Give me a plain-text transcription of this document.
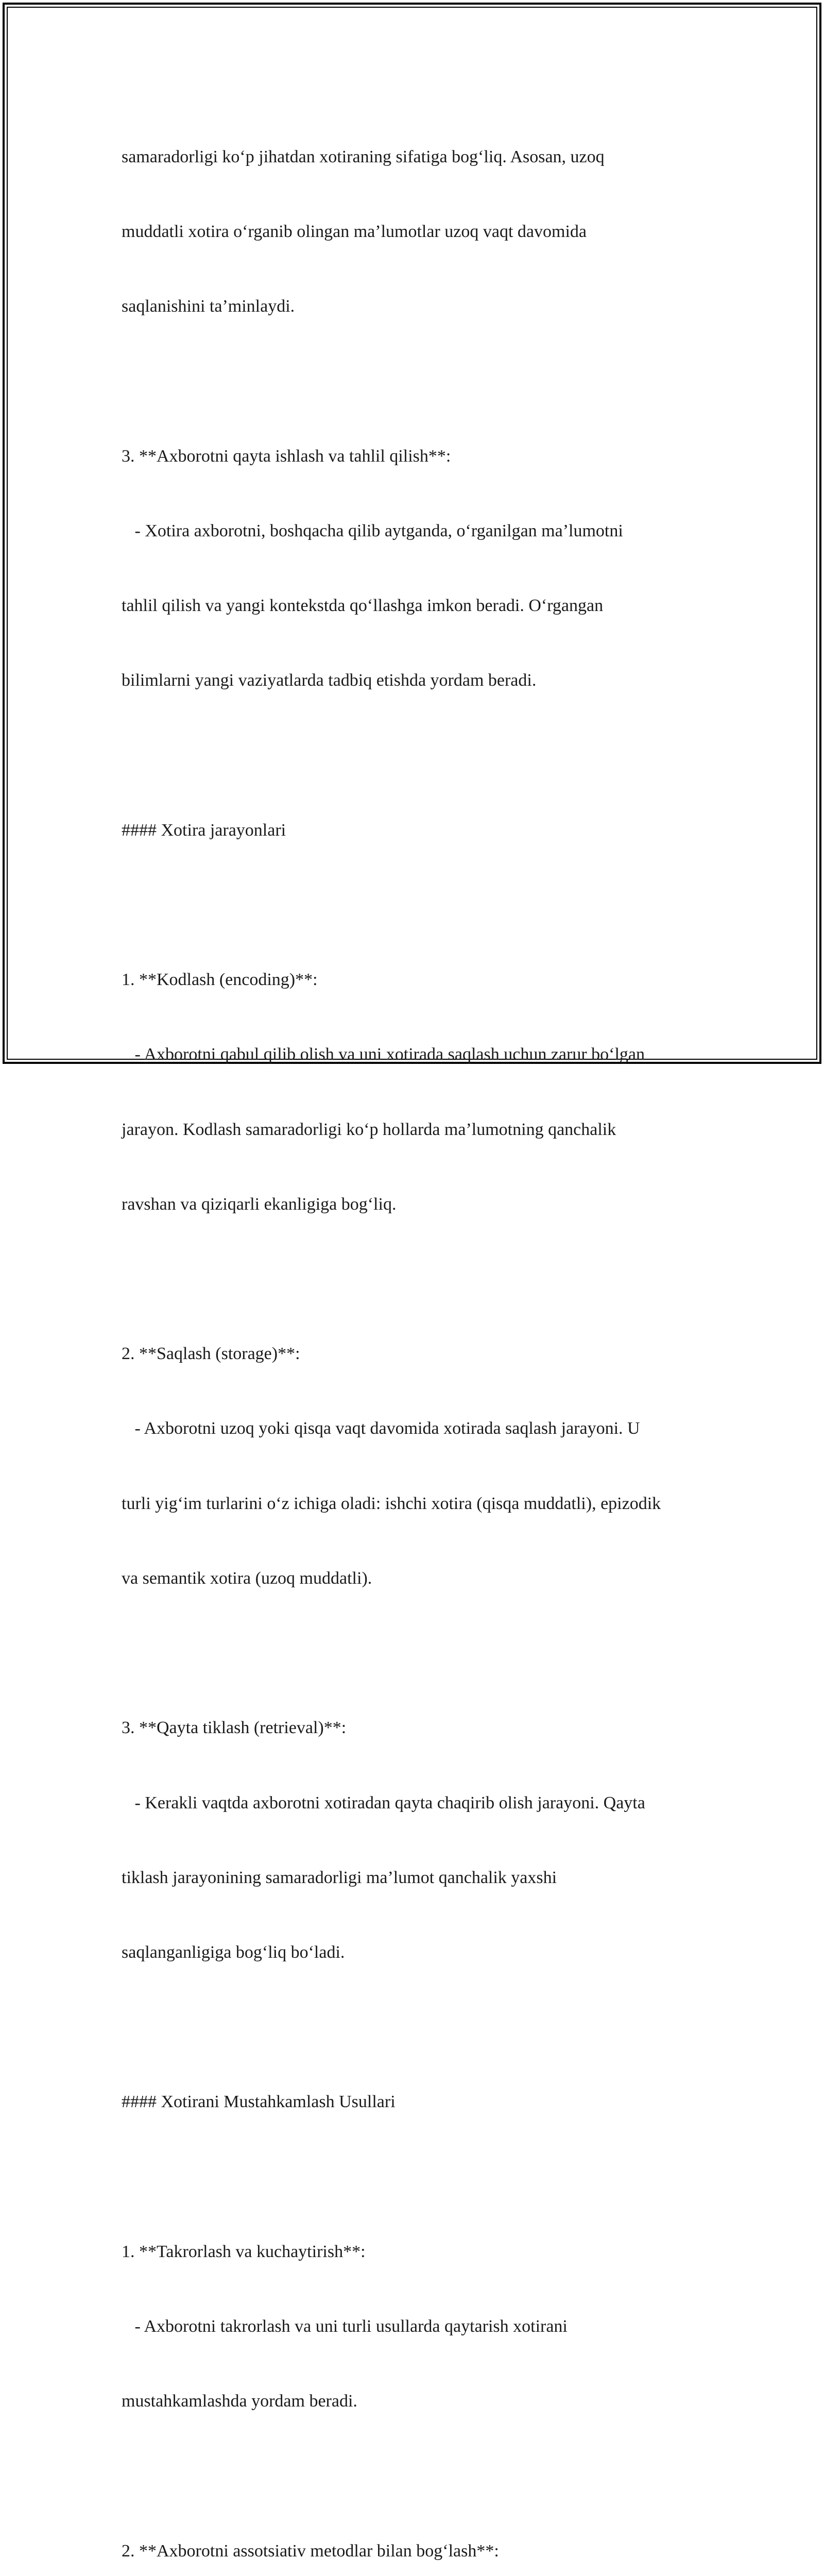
samaradorligi ko‘p jihatdan xotiraning sifatiga bog‘liq. Asosan, uzoq

muddatli xotira o‘rganib olingan ma’lumotlar uzoq vaqt davomida

saqlanishini ta’minlaydi.

3. **Axborotni qayta ishlash va tahlil qilish**:

- Xotira axborotni, boshqacha qilib aytganda, o‘rganilgan ma’lumotni

tahlil qilish va yangi kontekstda qo‘llashga imkon beradi. O‘rgangan

bilimlarni yangi vaziyatlarda tadbiq etishda yordam beradi.

#### Xotira jarayonlari

1. **Kodlash (encoding)**:

- Axborotni qabul qilib olish va uni xotirada saqlash uchun zarur bo‘lgan

jarayon. Kodlash samaradorligi ko‘p hollarda ma’lumotning qanchalik

ravshan va qiziqarli ekanligiga bog‘liq.

2. **Saqlash (storage)**:

- Axborotni uzoq yoki qisqa vaqt davomida xotirada saqlash jarayoni. U

turli yig‘im turlarini o‘z ichiga oladi: ishchi xotira (qisqa muddatli), epizodik

va semantik xotira (uzoq muddatli).

3. **Qayta tiklash (retrieval)**:

- Kerakli vaqtda axborotni xotiradan qayta chaqirib olish jarayoni. Qayta

tiklash jarayonining samaradorligi ma’lumot qanchalik yaxshi

saqlanganligiga bog‘liq bo‘ladi.

#### Xotirani Mustahkamlash Usullari

1. **Takrorlash va kuchaytirish**:

- Axborotni takrorlash va uni turli usullarda qaytarish xotirani

mustahkamlashda yordam beradi.

2. **Axborotni assotsiativ metodlar bilan bog‘lash**:
